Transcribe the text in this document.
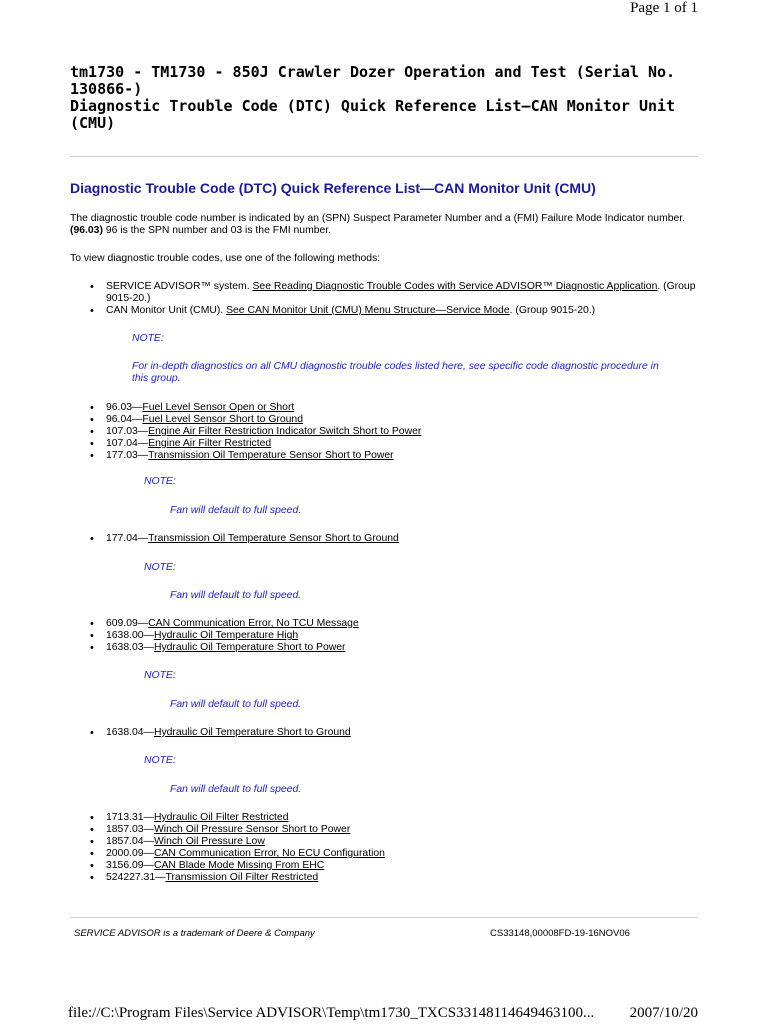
Page 1 of 1
tm1730 - TM1730 - 850J Crawler Dozer Operation and Test (Serial No.
130866-)
Diagnostic Trouble Code (DTC) Quick Reference List—CAN Monitor Unit
(CMU)
Diagnostic Trouble Code (DTC) Quick Reference List—CAN Monitor Unit (CMU)
The diagnostic trouble code number is indicated by an (SPN) Suspect Parameter Number and a (FMI) Failure Mode Indicator number. (96.03) 96 is the SPN number and 03 is the FMI number.
To view diagnostic trouble codes, use one of the following methods:
• SERVICE ADVISOR™ system. See Reading Diagnostic Trouble Codes with Service ADVISOR™ Diagnostic Application. (Group 9015-20.)
• CAN Monitor Unit (CMU). See CAN Monitor Unit (CMU) Menu Structure—Service Mode. (Group 9015-20.)
NOTE:
For in-depth diagnostics on all CMU diagnostic trouble codes listed here, see specific code diagnostic procedure in this group.
• 96.03—Fuel Level Sensor Open or Short
• 96.04—Fuel Level Sensor Short to Ground
• 107.03—Engine Air Filter Restriction Indicator Switch Short to Power
• 107.04—Engine Air Filter Restricted
• 177.03—Transmission Oil Temperature Sensor Short to Power
NOTE:
Fan will default to full speed.
• 177.04—Transmission Oil Temperature Sensor Short to Ground
NOTE:
Fan will default to full speed.
• 609.09—CAN Communication Error, No TCU Message
• 1638.00—Hydraulic Oil Temperature High
• 1638.03—Hydraulic Oil Temperature Short to Power
NOTE:
Fan will default to full speed.
• 1638.04—Hydraulic Oil Temperature Short to Ground
NOTE:
Fan will default to full speed.
• 1713.31—Hydraulic Oil Filter Restricted
• 1857.03—Winch Oil Pressure Sensor Short to Power
• 1857.04—Winch Oil Pressure Low
• 2000.09—CAN Communication Error, No ECU Configuration
• 3156.09—CAN Blade Mode Missing From EHC
• 524227.31—Transmission Oil Filter Restricted
SERVICE ADVISOR is a trademark of Deere & Company	CS33148,00008FD-19-16NOV06
file://C:\Program Files\Service ADVISOR\Temp\tm1730_TXCS33148114649463100... 2007/10/20
